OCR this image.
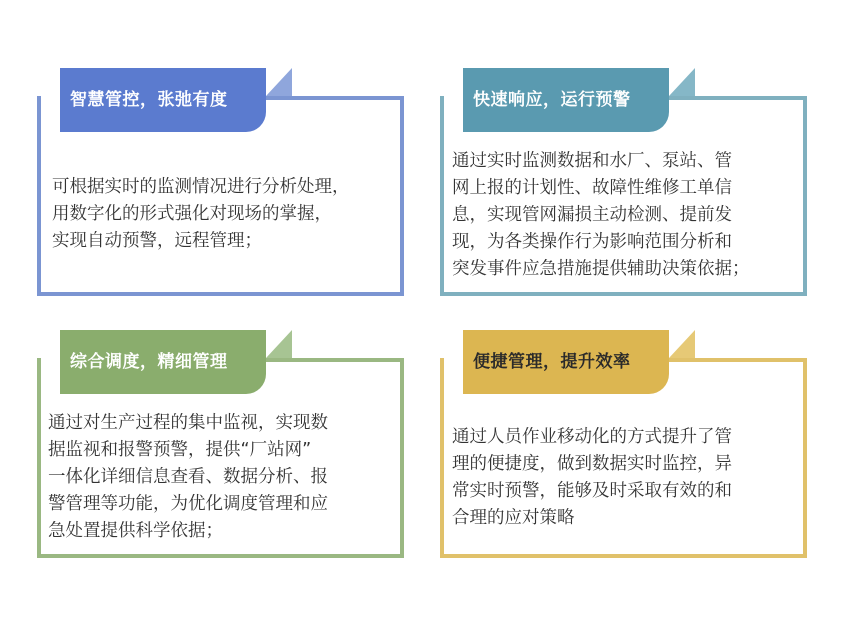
智慧管控，张弛有度
可根据实时的监测情况进行分析处理，
用数字化的形式强化对现场的掌握，
实现自动预警，远程管理；
快速响应，运行预警
通过实时监测数据和水厂、泵站、管
网上报的计划性、故障性维修工单信
息，实现管网漏损主动检测、提前发
现，为各类操作行为影响范围分析和
突发事件应急措施提供辅助决策依据；
综合调度，精细管理
通过对生产过程的集中监视，实现数
据监视和报警预警，提供“厂站网”
一体化详细信息查看、数据分析、报
警管理等功能，为优化调度管理和应
急处置提供科学依据；
便捷管理，提升效率
通过人员作业移动化的方式提升了管
理的便捷度，做到数据实时监控，异
常实时预警，能够及时采取有效的和
合理的应对策略
